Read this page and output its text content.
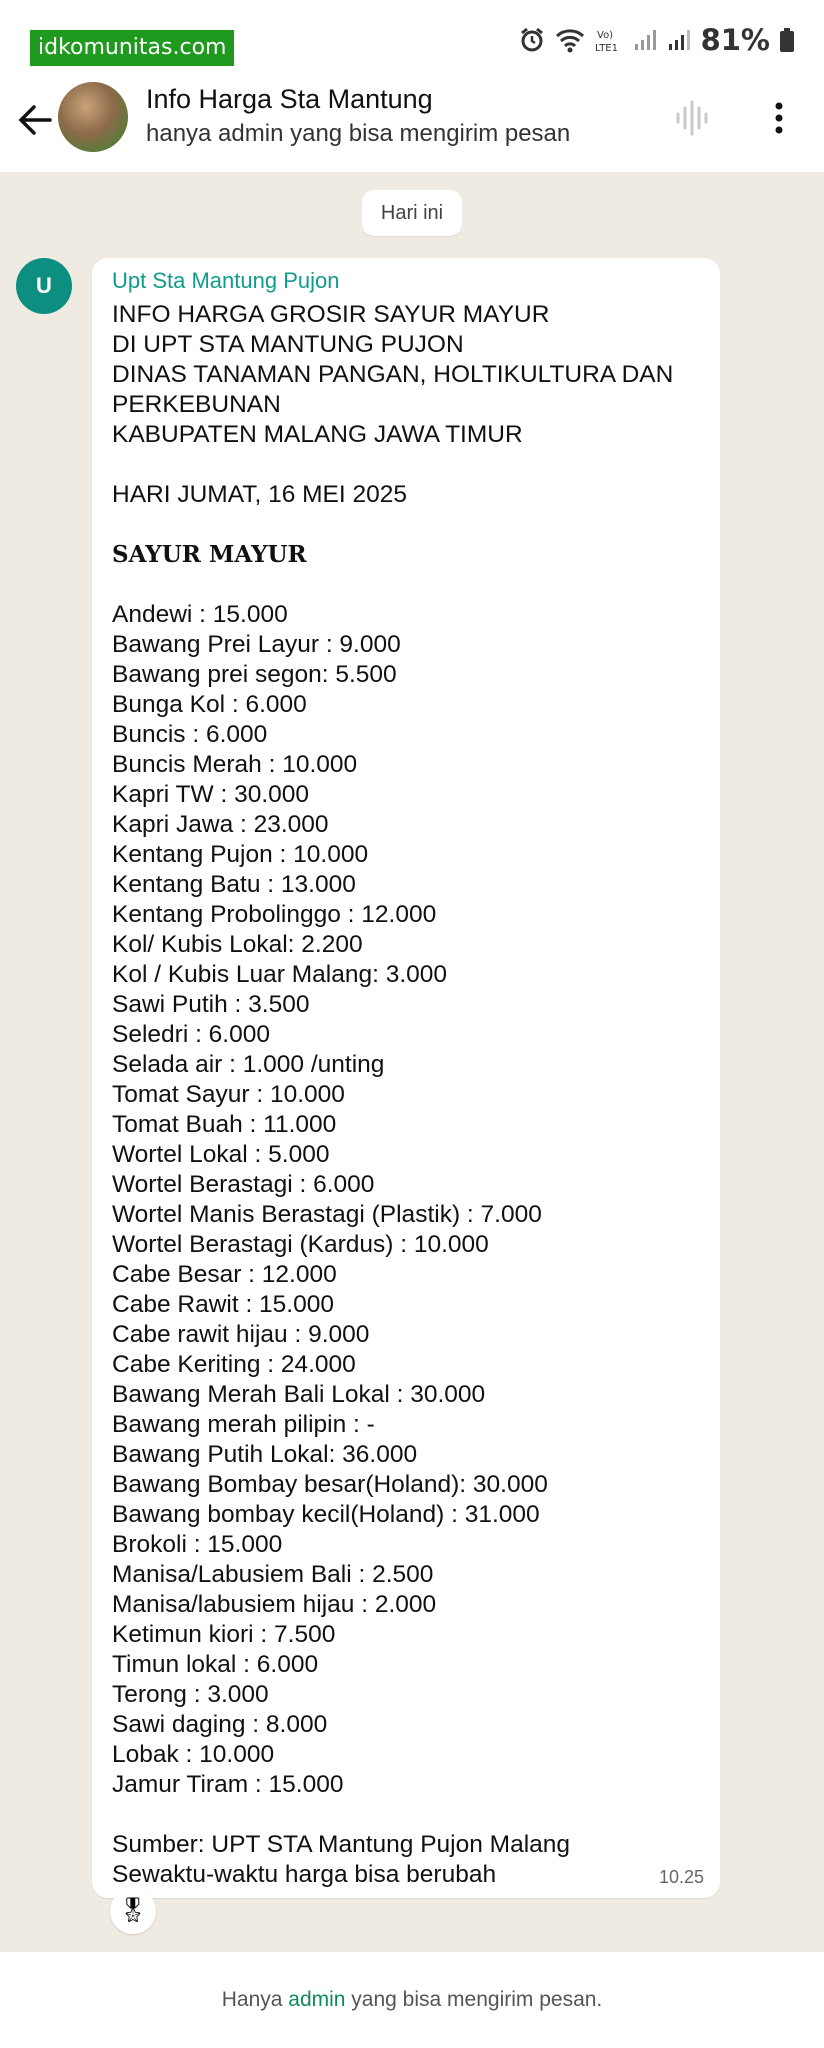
idkomunitas.com	Vo)
LTE1	81%
Info Harga Sta Mantung
hanya admin yang bisa mengirim pesan
Hari ini
U	Upt Sta Mantung Pujon
INFO HARGA GROSIR SAYUR MAYUR
DI UPT STA MANTUNG PUJON
DINAS TANAMAN PANGAN, HOLTIKULTURA DAN
PERKEBUNAN
KABUPATEN MALANG JAWA TIMUR
HARI JUMAT, 16 MEI 2025
SAYUR MAYUR
Andewi : 15.000
Bawang Prei Layur : 9.000
Bawang prei segon: 5.500
Bunga Kol : 6.000
Buncis : 6.000
Buncis Merah : 10.000
Kapri TW : 30.000
Kapri Jawa : 23.000
Kentang Pujon : 10.000
Kentang Batu : 13.000
Kentang Probolinggo : 12.000
Kol/ Kubis Lokal: 2.200
Kol / Kubis Luar Malang: 3.000
Sawi Putih : 3.500
Seledri : 6.000
Selada air : 1.000 /unting
Tomat Sayur : 10.000
Tomat Buah : 11.000
Wortel Lokal : 5.000
Wortel Berastagi : 6.000
Wortel Manis Berastagi (Plastik) : 7.000
Wortel Berastagi (Kardus) : 10.000
Cabe Besar : 12.000
Cabe Rawit : 15.000
Cabe rawit hijau : 9.000
Cabe Keriting : 24.000
Bawang Merah Bali Lokal : 30.000
Bawang merah pilipin : -
Bawang Putih Lokal: 36.000
Bawang Bombay besar(Holand): 30.000
Bawang bombay kecil(Holand) : 31.000
Brokoli : 15.000
Manisa/Labusiem Bali : 2.500
Manisa/labusiem hijau : 2.000
Ketimun kiori : 7.500
Timun lokal : 6.000
Terong : 3.000
Sawi daging : 8.000
Lobak : 10.000
Jamur Tiram : 15.000
Sumber: UPT STA Mantung Pujon Malang
Sewaktu-waktu harga bisa berubah	10.25
🎖
Hanya admin yang bisa mengirim pesan.
